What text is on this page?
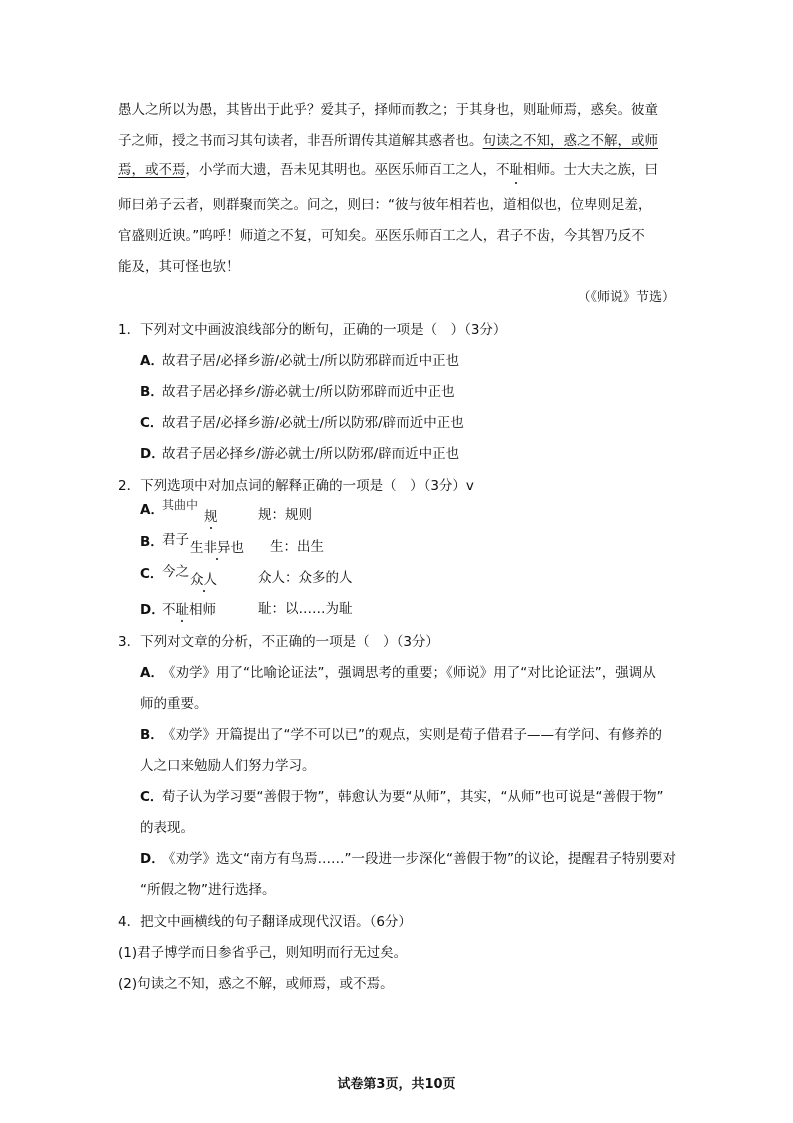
愚人之所以为愚，其皆出于此乎？爱其子，择师而教之；于其身也，则耻师焉，惑矣。彼童
子之师，授之书而习其句读者，非吾所谓传其道解其惑者也。句读之不知，惑之不解，或师
焉，或不焉，小学而大遗，吾未见其明也。巫医乐师百工之人，不耻相师。士大夫之族，曰
师曰弟子云者，则群聚而笑之。问之，则曰：“彼与彼年相若也，道相似也，位卑则足羞，
官盛则近谀。”呜呼！师道之不复，可知矣。巫医乐师百工之人，君子不齿，今其智乃反不
能及，其可怪也欤！
（《师说》节选）
1．下列对文中画波浪线部分的断句，正确的一项是（　）（3分）
A．故君子居/必择乡游/必就士/所以防邪辟而近中正也
B．故君子居必择乡/游必就士/所以防邪辟而近中正也
C．故君子居/必择乡游/必就士/所以防邪/辟而近中正也
D．故君子居必择乡/游必就士/所以防邪/辟而近中正也
2．下列选项中对加点词的解释正确的一项是（　）（3分）v
A．
其曲中
规	规：规则
B．
君子 生非异也 生：出生
C．
今之 众人	众人：众多的人
D．
不耻相师	耻：以……为耻
3．下列对文章的分析，不正确的一项是（　）（3分）
A．《劝学》用了“比喻论证法”，强调思考的重要；《师说》用了“对比论证法”，强调从
师的重要。
B．《劝学》开篇提出了“学不可以已”的观点，实则是荀子借君子——有学问、有修养的
人之口来勉励人们努力学习。
C．荀子认为学习要“善假于物”，韩愈认为要“从师”，其实，“从师”也可说是“善假于物”
的表现。
D．《劝学》选文“南方有鸟焉……”一段进一步深化“善假于物”的议论，提醒君子特别要对
“所假之物”进行选择。
4．把文中画横线的句子翻译成现代汉语。（6分）
(1)君子博学而日参省乎己，则知明而行无过矣。
(2)句读之不知，惑之不解，或师焉，或不焉。
试卷第3页，共10页
